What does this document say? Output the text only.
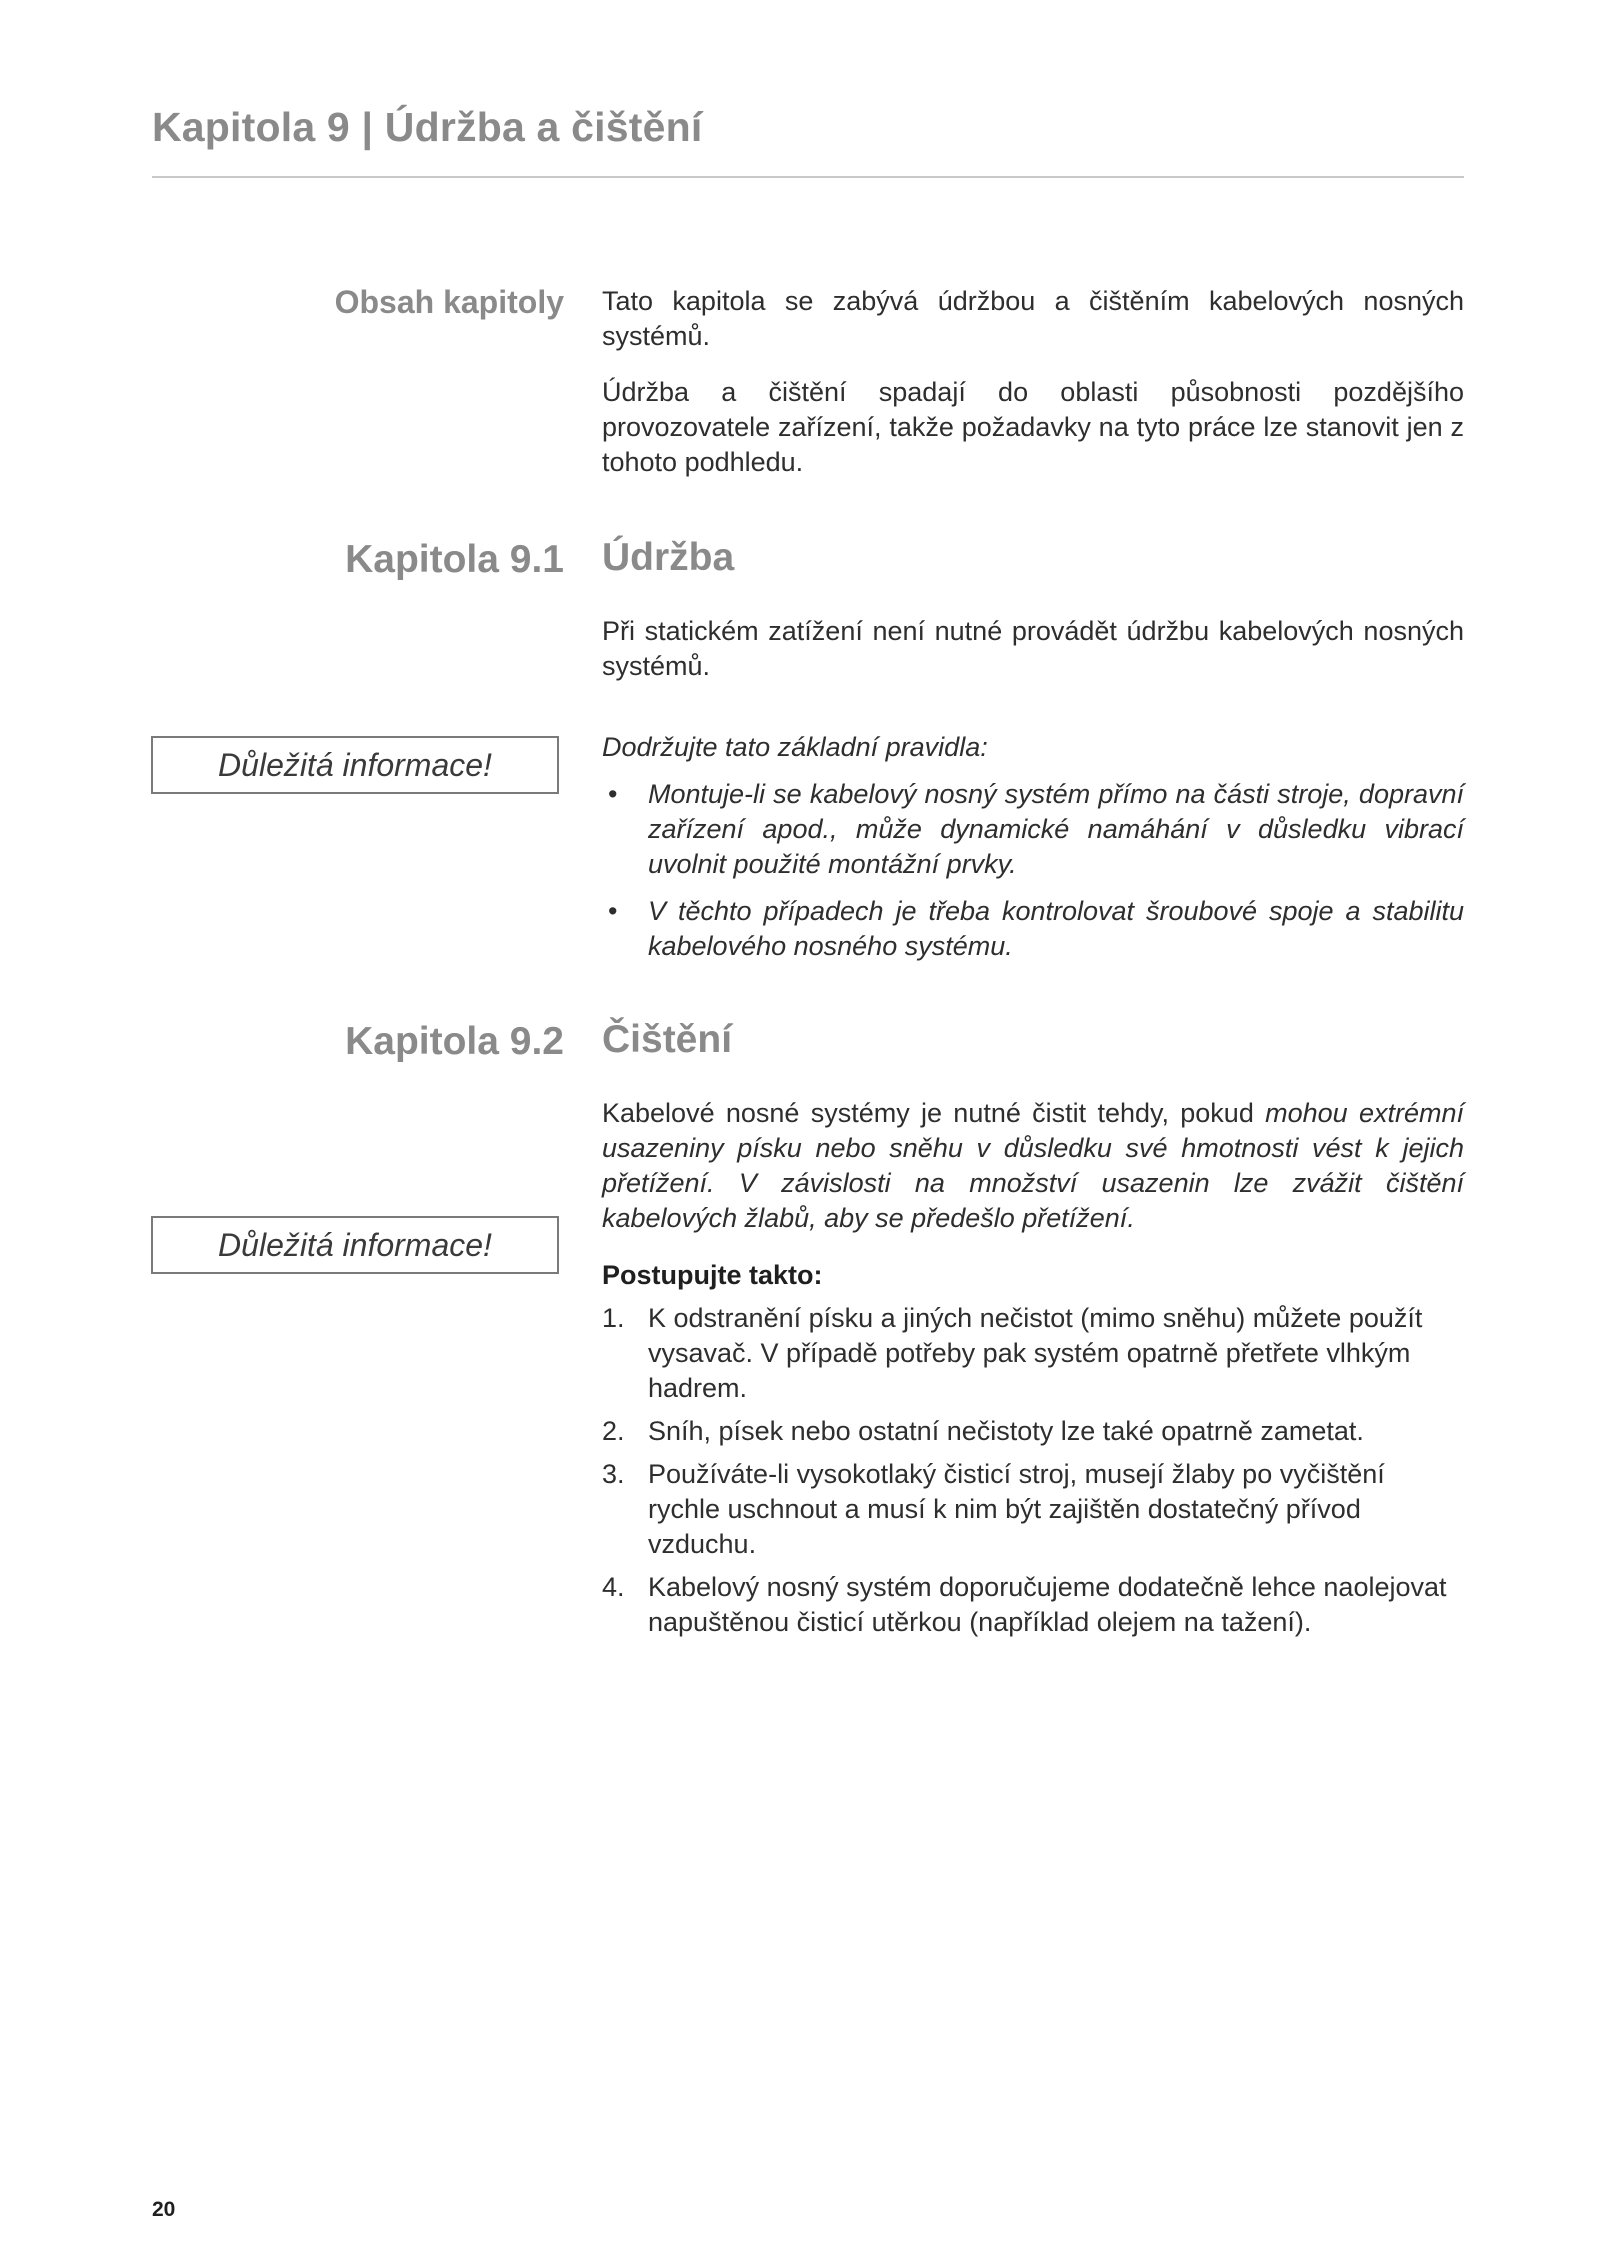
Kapitola 9 | Údržba a čištění
Obsah kapitoly Tato kapitola se zabývá údržbou a čištěním kabelových nosných systémů.

Údržba a čištění spadají do oblasti působnosti pozdějšího provozovatele zařízení, takže požadavky na tyto práce lze stanovit jen z tohoto podhledu.

Kapitola 9.1 Údržba

Při statickém zatížení není nutné provádět údržbu kabelových nosných systémů.

Důležitá informace!	Dodržujte tato základní pravidla:

• Montuje-li se kabelový nosný systém přímo na části stroje, dopravní zařízení apod., může dynamické namáhání v důsledku vibrací uvolnit použité montážní prvky.
• V těchto případech je třeba kontrolovat šroubové spoje a stabilitu kabelového nosného systému.
Kapitola 9.2 Čištění

Kabelové nosné systémy je nutné čistit tehdy, pokud mohou extrémní usazeniny písku nebo sněhu v důsledku své hmotnosti vést k jejich přetížení. V závislosti na množství usazenin lze zvážit čištění kabelových žlabů, aby se předešlo přetížení.

Postupujte takto:

1. K odstranění písku a jiných nečistot (mimo sněhu) můžete použít vysavač. V případě potřeby pak systém opatrně přetřete vlhkým hadrem.
2. Sníh, písek nebo ostatní nečistoty lze také opatrně zametat.
3. Používáte-li vysokotlaký čisticí stroj, musejí žlaby po vyčištění rychle uschnout a musí k nim být zajištěn dostatečný přívod vzduchu.
4. Kabelový nosný systém doporučujeme dodatečně lehce naolejovat napuštěnou čisticí utěrkou (například olejem na tažení).
Důležitá informace!
20
